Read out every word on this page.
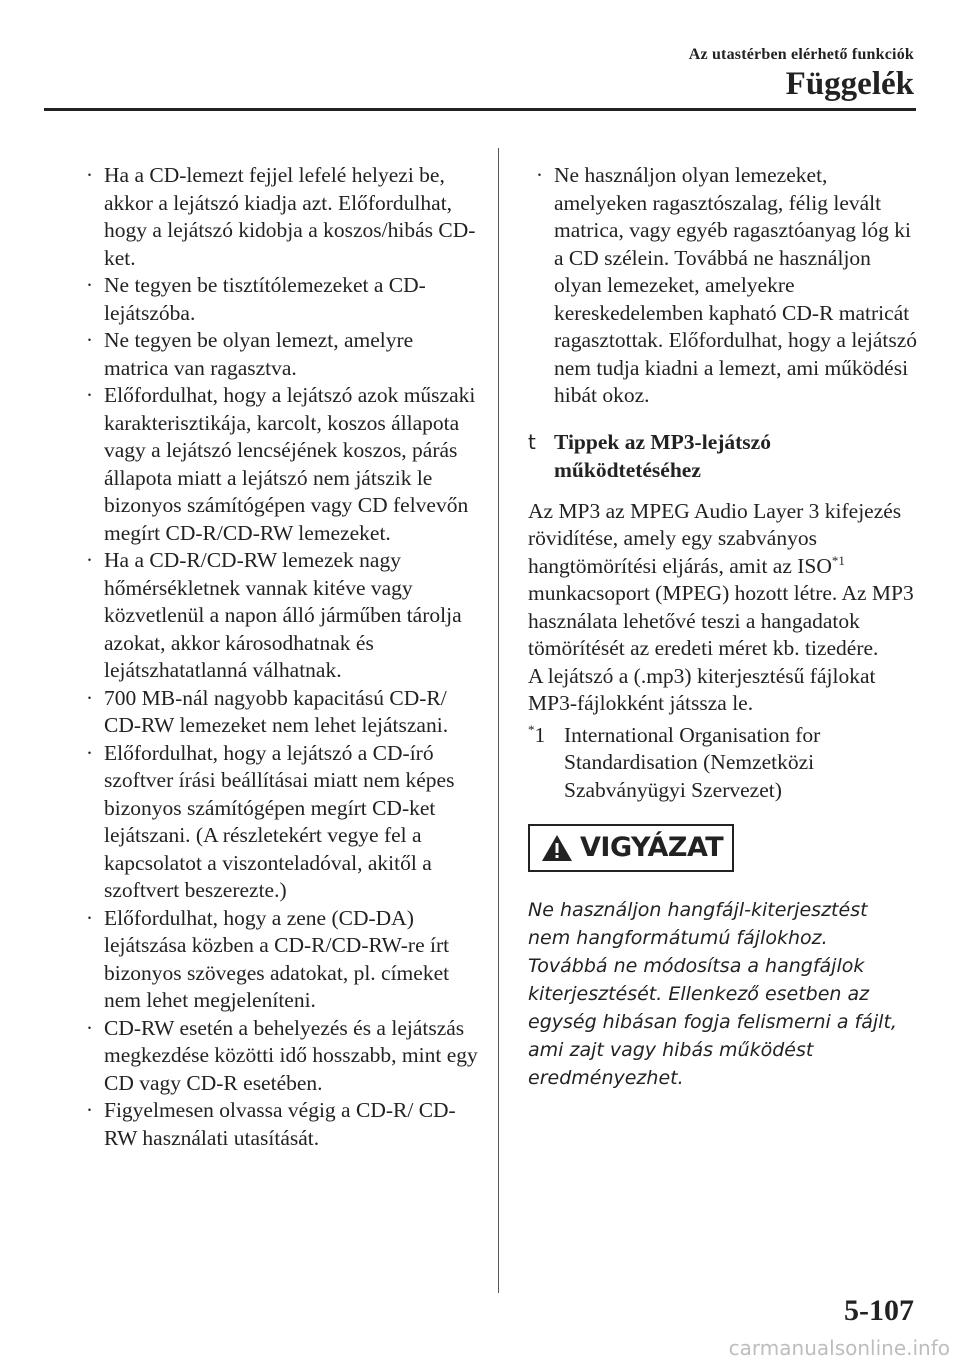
Az utastérben elérhető funkciók
Függelék
· Ha a CD-lemezt fejjel lefelé helyezi be, akkor a lejátszó kiadja azt. Előfordulhat, hogy a lejátszó kidobja a koszos/hibás CD-ket.
· Ne tegyen be tisztítólemezeket a CD-lejátszóba.
· Ne tegyen be olyan lemezt, amelyre matrica van ragasztva.
· Előfordulhat, hogy a lejátszó azok műszaki karakterisztikája, karcolt, koszos állapota vagy a lejátszó lencséjének koszos, párás állapota miatt a lejátszó nem játszik le bizonyos számítógépen vagy CD felvevőn megírt CD-R/CD-RW lemezeket.
· Ha a CD-R/CD-RW lemezek nagy hőmérsékletnek vannak kitéve vagy közvetlenül a napon álló járműben tárolja azokat, akkor károsodhatnak és lejátszhatatlanná válhatnak.
· 700 MB-nál nagyobb kapacitású CD-R/ CD-RW lemezeket nem lehet lejátszani.
· Előfordulhat, hogy a lejátszó a CD-író szoftver írási beállításai miatt nem képes bizonyos számítógépen megírt CD-ket lejátszani. (A részletekért vegye fel a kapcsolatot a viszonteladóval, akitől a szoftvert beszerezte.)
· Előfordulhat, hogy a zene (CD-DA) lejátszása közben a CD-R/CD-RW-re írt bizonyos szöveges adatokat, pl. címeket nem lehet megjeleníteni.
· CD-RW esetén a behelyezés és a lejátszás megkezdése közötti idő hosszabb, mint egy CD vagy CD-R esetében.
· Figyelmesen olvassa végig a CD-R/ CD-RW használati utasítását.
· Ne használjon olyan lemezeket, amelyeken ragasztószalag, félig levált matrica, vagy egyéb ragasztóanyag lóg ki a CD szélein. Továbbá ne használjon olyan lemezeket, amelyekre kereskedelemben kapható CD-R matricát ragasztottak. Előfordulhat, hogy a lejátszó nem tudja kiadni a lemezt, ami működési hibát okoz.
t Tippek az MP3-lejátszó működtetéséhez
Az MP3 az MPEG Audio Layer 3 kifejezés rövidítése, amely egy szabványos hangtömörítési eljárás, amit az ISO$^{*1}$ munkacsoport (MPEG) hozott létre. Az MP3 használata lehetővé teszi a hangadatok tömörítését az eredeti méret kb. tizedére.
A lejátszó a (.mp3) kiterjesztésű fájlokat MP3-fájlokként játssza le.
*1 International Organisation for Standardisation (Nemzetközi Szabványügyi Szervezet)
VIGYÁZAT
Ne használjon hangfájl-kiterjesztést nem hangformátumú fájlokhoz. Továbbá ne módosítsa a hangfájlok kiterjesztését. Ellenkező esetben az egység hibásan fogja felismerni a fájlt, ami zajt vagy hibás működést eredményezhet.
5-107
carmanualsonline.info
